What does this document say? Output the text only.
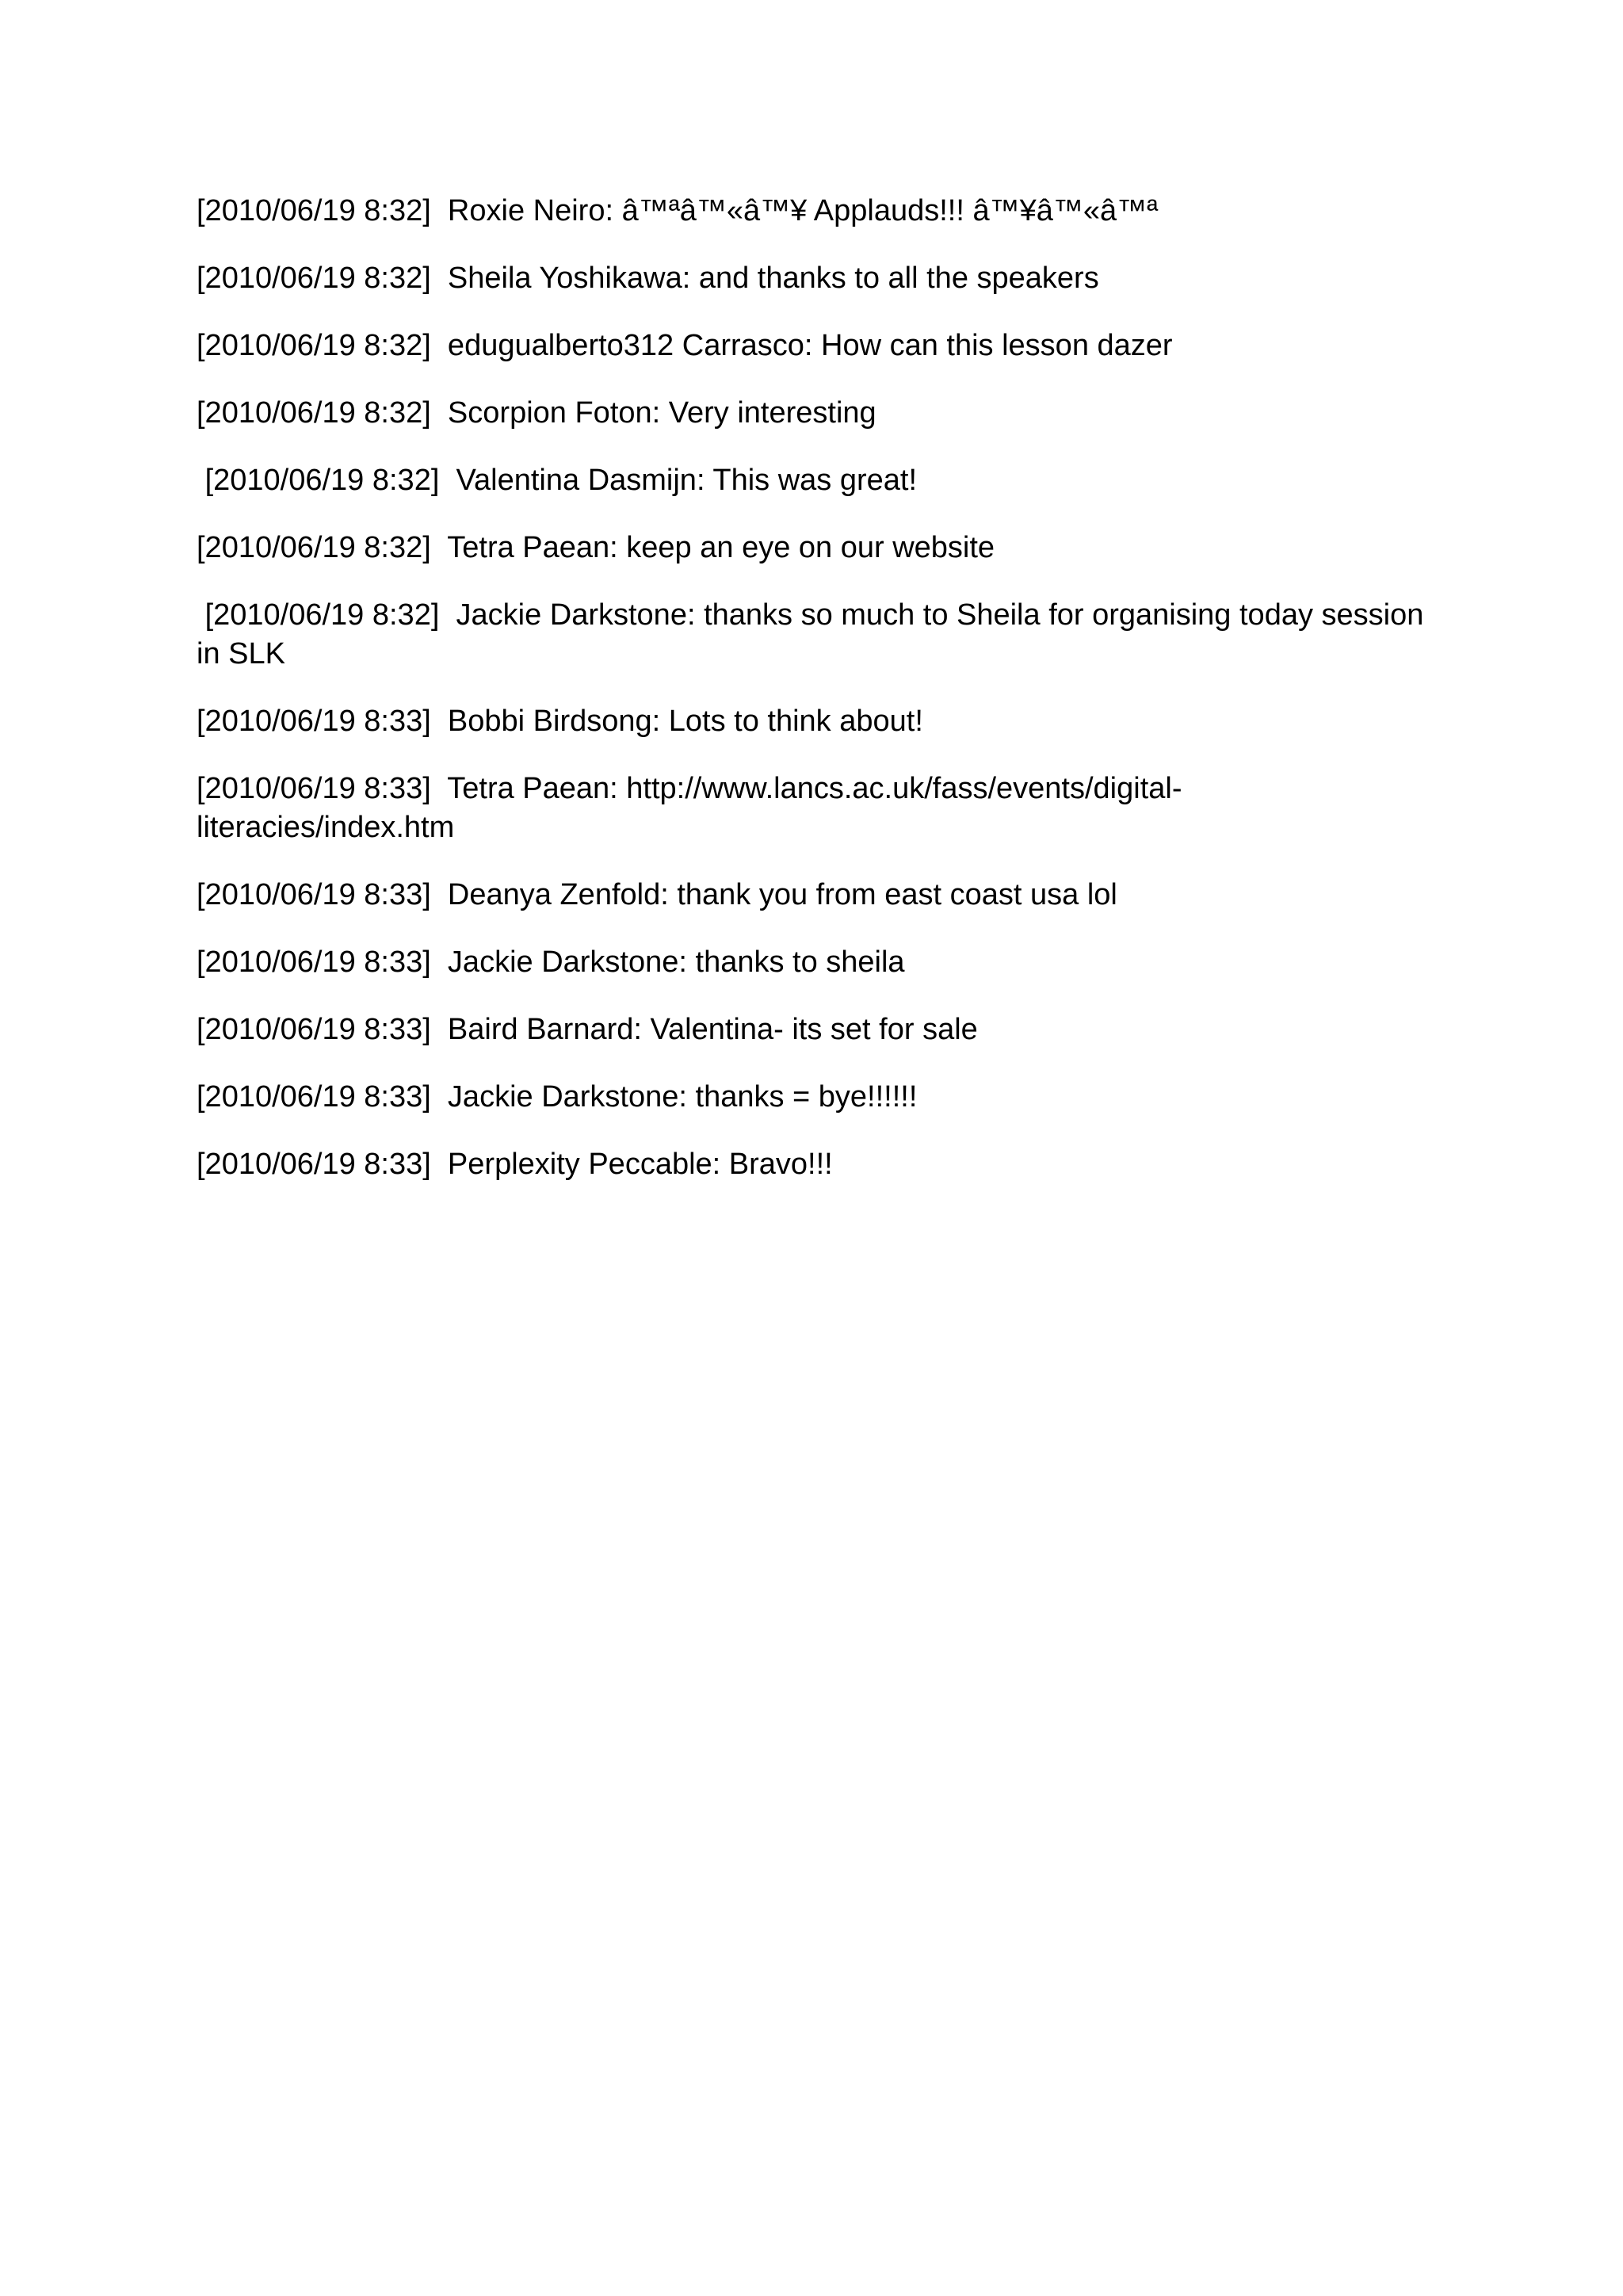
[2010/06/19 8:32]  Roxie Neiro: â™ªâ™«â™¥ Applauds!!! â™¥â™«â™ª

[2010/06/19 8:32]  Sheila Yoshikawa: and thanks to all the speakers

[2010/06/19 8:32]  edugualberto312 Carrasco: How can this lesson dazer

[2010/06/19 8:32]  Scorpion Foton: Very interesting

[2010/06/19 8:32]  Valentina Dasmijn: This was great!

[2010/06/19 8:32]  Tetra Paean: keep an eye on our website

[2010/06/19 8:32]  Jackie Darkstone: thanks so much to Sheila for organising today session
in SLK

[2010/06/19 8:33]  Bobbi Birdsong: Lots to think about!

[2010/06/19 8:33]  Tetra Paean: http://www.lancs.ac.uk/fass/events/digital-
literacies/index.htm

[2010/06/19 8:33]  Deanya Zenfold: thank you from east coast usa lol

[2010/06/19 8:33]  Jackie Darkstone: thanks to sheila

[2010/06/19 8:33]  Baird Barnard: Valentina- its set for sale

[2010/06/19 8:33]  Jackie Darkstone: thanks = bye!!!!!!

[2010/06/19 8:33]  Perplexity Peccable: Bravo!!!
